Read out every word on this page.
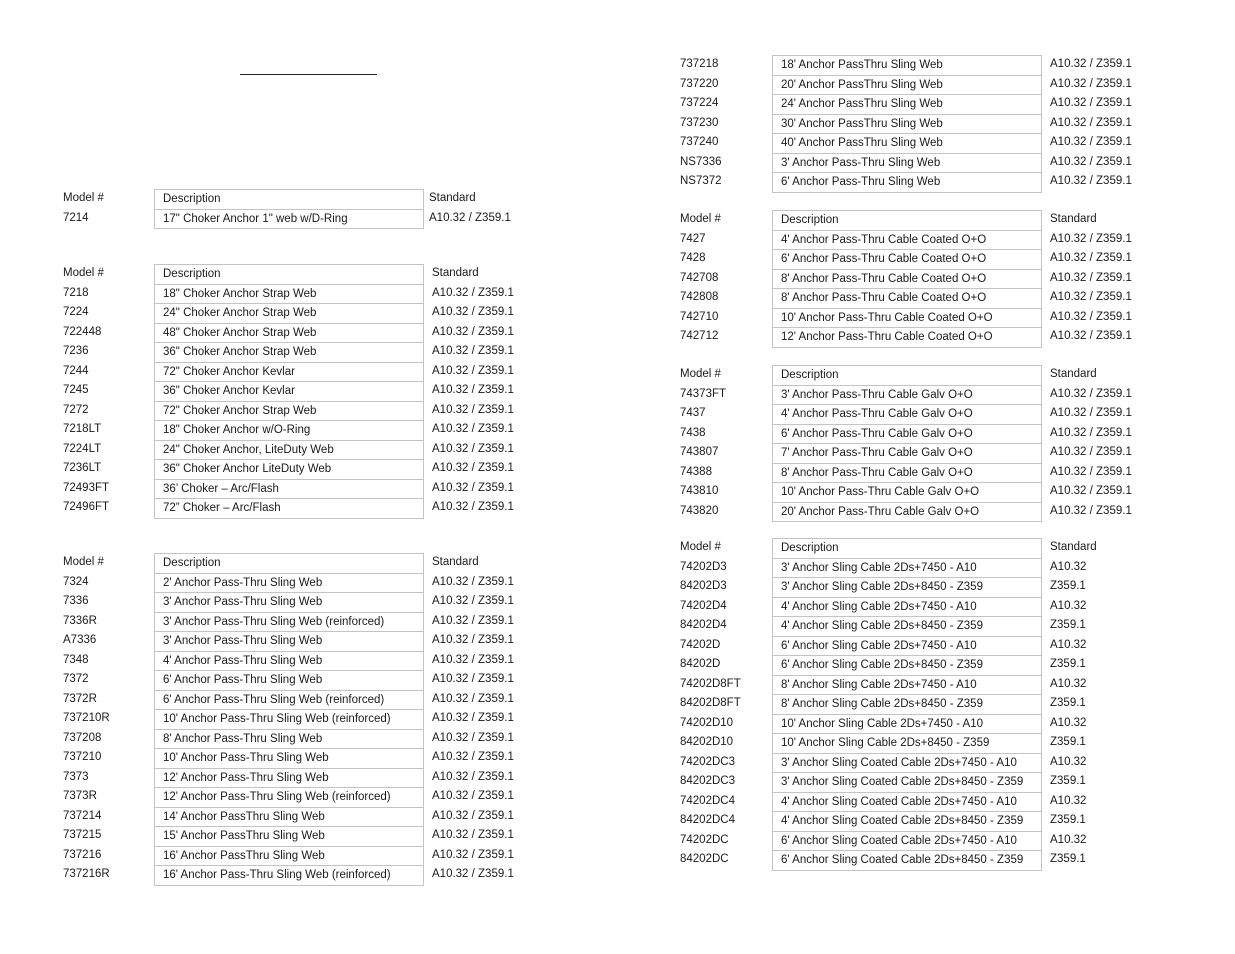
Model #	Description	Standard
7214	17" Choker Anchor 1" web w/D-Ring	A10.32 / Z359.1
Model #	Description	Standard
7218	18" Choker Anchor Strap Web	A10.32 / Z359.1
7224	24" Choker Anchor Strap Web	A10.32 / Z359.1
722448	48" Choker Anchor Strap Web	A10.32 / Z359.1
7236	36" Choker Anchor Strap Web	A10.32 / Z359.1
7244	72" Choker Anchor Kevlar	A10.32 / Z359.1
7245	36" Choker Anchor Kevlar	A10.32 / Z359.1
7272	72" Choker Anchor Strap Web	A10.32 / Z359.1
7218LT	18" Choker Anchor w/O-Ring	A10.32 / Z359.1
7224LT	24" Choker Anchor, LiteDuty Web	A10.32 / Z359.1
7236LT	36" Choker Anchor LiteDuty Web	A10.32 / Z359.1
72493FT	36’ Choker – Arc/Flash	A10.32 / Z359.1
72496FT	72” Choker – Arc/Flash	A10.32 / Z359.1
Model #	Description	Standard
7324	2' Anchor Pass-Thru Sling Web	A10.32 / Z359.1
7336	3' Anchor Pass-Thru Sling Web	A10.32 / Z359.1
7336R	3' Anchor Pass-Thru Sling Web (reinforced)	A10.32 / Z359.1
A7336	3' Anchor Pass-Thru Sling Web	A10.32 / Z359.1
7348	4' Anchor Pass-Thru Sling Web	A10.32 / Z359.1
7372	6' Anchor Pass-Thru Sling Web	A10.32 / Z359.1
7372R	6' Anchor Pass-Thru Sling Web (reinforced)	A10.32 / Z359.1
737210R	10' Anchor Pass-Thru Sling Web (reinforced)	A10.32 / Z359.1
737208	8' Anchor Pass-Thru Sling Web	A10.32 / Z359.1
737210	10' Anchor Pass-Thru Sling Web	A10.32 / Z359.1
7373	12' Anchor Pass-Thru Sling Web	A10.32 / Z359.1
7373R	12' Anchor Pass-Thru Sling Web (reinforced)	A10.32 / Z359.1
737214	14' Anchor PassThru Sling Web	A10.32 / Z359.1
737215	15' Anchor PassThru Sling Web	A10.32 / Z359.1
737216	16' Anchor PassThru Sling Web	A10.32 / Z359.1
737216R	16' Anchor Pass-Thru Sling Web (reinforced)	A10.32 / Z359.1
737218	18' Anchor PassThru Sling Web	A10.32 / Z359.1
737220	20' Anchor PassThru Sling Web	A10.32 / Z359.1
737224	24' Anchor PassThru Sling Web	A10.32 / Z359.1
737230	30' Anchor PassThru Sling Web	A10.32 / Z359.1
737240	40' Anchor PassThru Sling Web	A10.32 / Z359.1
NS7336	3' Anchor Pass-Thru Sling Web	A10.32 / Z359.1
NS7372	6' Anchor Pass-Thru Sling Web	A10.32 / Z359.1
Model #	Description	Standard
7427	4' Anchor Pass-Thru Cable Coated O+O	A10.32 / Z359.1
7428	6' Anchor Pass-Thru Cable Coated O+O	A10.32 / Z359.1
742708	8' Anchor Pass-Thru Cable Coated O+O	A10.32 / Z359.1
742808	8' Anchor Pass-Thru Cable Coated O+O	A10.32 / Z359.1
742710	10' Anchor Pass-Thru Cable Coated O+O	A10.32 / Z359.1
742712	12' Anchor Pass-Thru Cable Coated O+O	A10.32 / Z359.1
Model #	Description	Standard
74373FT	3' Anchor Pass-Thru Cable Galv O+O	A10.32 / Z359.1
7437	4' Anchor Pass-Thru Cable Galv O+O	A10.32 / Z359.1
7438	6' Anchor Pass-Thru Cable Galv O+O	A10.32 / Z359.1
743807	7' Anchor Pass-Thru Cable Galv O+O	A10.32 / Z359.1
74388	8' Anchor Pass-Thru Cable Galv O+O	A10.32 / Z359.1
743810	10' Anchor Pass-Thru Cable Galv O+O	A10.32 / Z359.1
743820	20' Anchor Pass-Thru Cable Galv O+O	A10.32 / Z359.1
Model #	Description	Standard
74202D3	3' Anchor Sling Cable 2Ds+7450 - A10	A10.32
84202D3	3' Anchor Sling Cable 2Ds+8450 - Z359	Z359.1
74202D4	4' Anchor Sling Cable 2Ds+7450 - A10	A10.32
84202D4	4' Anchor Sling Cable 2Ds+8450 - Z359	Z359.1
74202D	6' Anchor Sling Cable 2Ds+7450 - A10	A10.32
84202D	6' Anchor Sling Cable 2Ds+8450 - Z359	Z359.1
74202D8FT	8' Anchor Sling Cable 2Ds+7450 - A10	A10.32
84202D8FT	8' Anchor Sling Cable 2Ds+8450 - Z359	Z359.1
74202D10	10' Anchor Sling Cable 2Ds+7450 - A10	A10.32
84202D10	10' Anchor Sling Cable 2Ds+8450 - Z359	Z359.1
74202DC3	3' Anchor Sling Coated Cable 2Ds+7450 - A10	A10.32
84202DC3	3' Anchor Sling Coated Cable 2Ds+8450 - Z359	Z359.1
74202DC4	4' Anchor Sling Coated Cable 2Ds+7450 - A10	A10.32
84202DC4	4' Anchor Sling Coated Cable 2Ds+8450 - Z359	Z359.1
74202DC	6' Anchor Sling Coated Cable 2Ds+7450 - A10	A10.32
84202DC	6' Anchor Sling Coated Cable 2Ds+8450 - Z359	Z359.1
